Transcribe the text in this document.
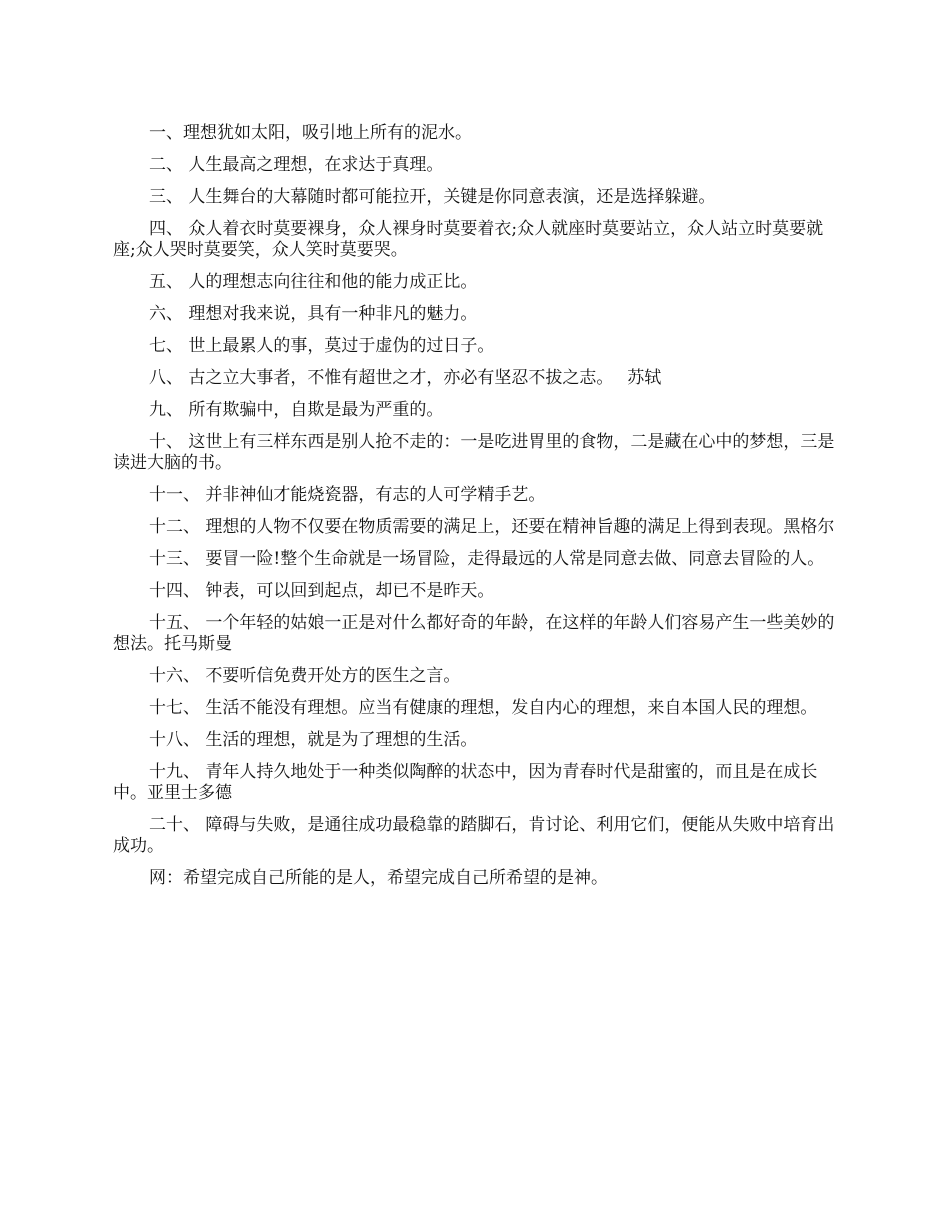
一、理想犹如太阳，吸引地上所有的泥水。

二、 人生最高之理想，在求达于真理。

三、 人生舞台的大幕随时都可能拉开，关键是你同意表演，还是选择躲避。

四、 众人着衣时莫要裸身，众人裸身时莫要着衣;众人就座时莫要站立，众人站立时莫要就座;众人哭时莫要笑，众人笑时莫要哭。

五、 人的理想志向往往和他的能力成正比。

六、 理想对我来说，具有一种非凡的魅力。

七、 世上最累人的事，莫过于虚伪的过日子。

八、 古之立大事者，不惟有超世之才，亦必有坚忍不拔之志。　 苏轼

九、 所有欺骗中，自欺是最为严重的。

十、 这世上有三样东西是别人抢不走的：一是吃进胃里的食物，二是藏在心中的梦想，三是读进大脑的书。

十一、 并非神仙才能烧瓷器，有志的人可学精手艺。

十二、 理想的人物不仅要在物质需要的满足上，还要在精神旨趣的满足上得到表现。黑格尔

十三、 要冒一险!整个生命就是一场冒险，走得最远的人常是同意去做、同意去冒险的人。

十四、 钟表，可以回到起点，却已不是昨天。

十五、 一个年轻的姑娘一正是对什么都好奇的年龄，在这样的年龄人们容易产生一些美妙的想法。托马斯曼

十六、 不要听信免费开处方的医生之言。

十七、 生活不能没有理想。应当有健康的理想，发自内心的理想，来自本国人民的理想。

十八、 生活的理想，就是为了理想的生活。

十九、 青年人持久地处于一种类似陶醉的状态中，因为青春时代是甜蜜的，而且是在成长中。亚里士多德

二十、 障碍与失败，是通往成功最稳靠的踏脚石，肯讨论、利用它们，便能从失败中培育出成功。

网：希望完成自己所能的是人，希望完成自己所希望的是神。
